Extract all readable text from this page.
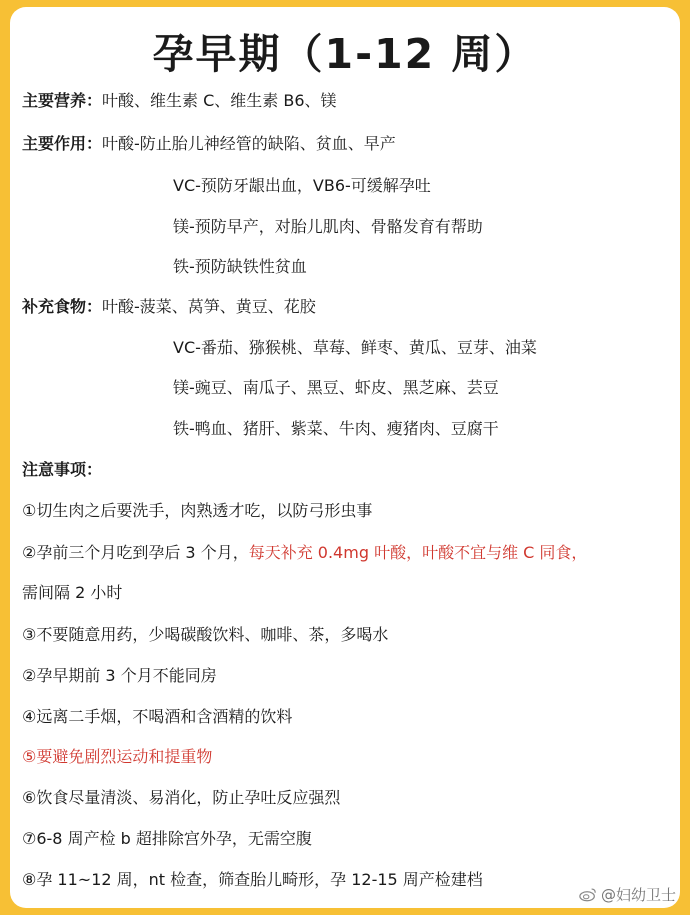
孕早期（1-12 周）
主要营养：叶酸、维生素 C、维生素 B6、镁
主要作用：叶酸-防止胎儿神经管的缺陷、贫血、早产
VC-预防牙龈出血，VB6-可缓解孕吐
镁-预防早产，对胎儿肌肉、骨骼发育有帮助
铁-预防缺铁性贫血
补充食物：叶酸-菠菜、莴笋、黄豆、花胶
VC-番茄、猕猴桃、草莓、鲜枣、黄瓜、豆芽、油菜
镁-豌豆、南瓜子、黑豆、虾皮、黑芝麻、芸豆
铁-鸭血、猪肝、紫菜、牛肉、瘦猪肉、豆腐干
注意事项：
①切生肉之后要洗手，肉熟透才吃，以防弓形虫事
②孕前三个月吃到孕后 3 个月，每天补充 0.4mg 叶酸，叶酸不宜与维 C 同食，
需间隔 2 小时
③不要随意用药，少喝碳酸饮料、咖啡、茶，多喝水
②孕早期前 3 个月不能同房
④远离二手烟，不喝酒和含酒精的饮料
⑤要避免剧烈运动和提重物
⑥饮食尽量清淡、易消化，防止孕吐反应强烈
⑦6-8 周产检 b 超排除宫外孕，无需空腹
⑧孕 11~12 周，nt 检查，筛查胎儿畸形，孕 12-15 周产检建档
@妇幼卫士
